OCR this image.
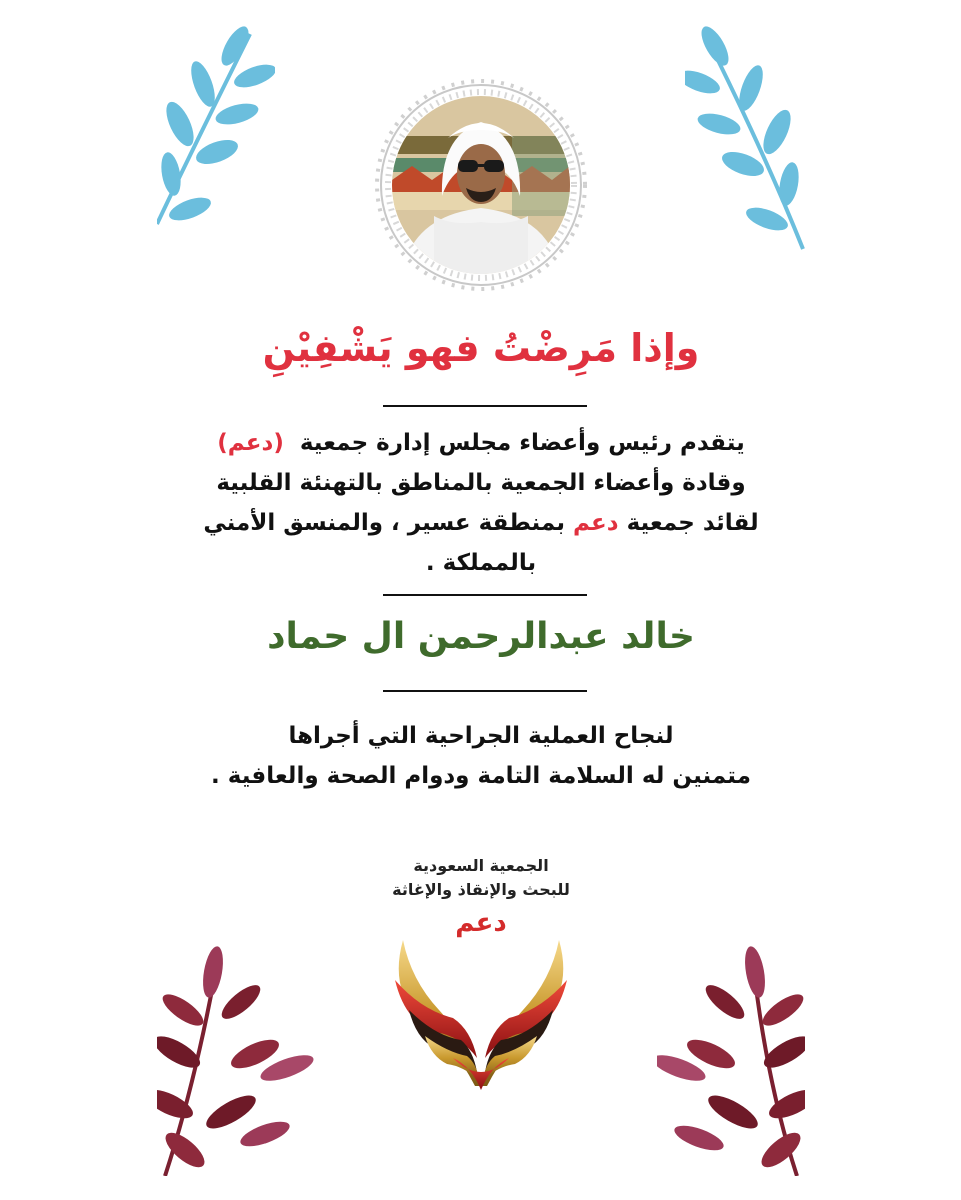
وإذا مَرِضْتُ فهو يَشْفِيْنِ
يتقدم رئيس وأعضاء مجلس إدارة جمعية  (دعم)
وقادة وأعضاء الجمعية بالمناطق بالتهنئة القلبية
لقائد جمعية دعم بمنطقة عسير ، والمنسق الأمني
بالمملكة .
خالد عبدالرحمن ال حماد
لنجاح العملية الجراحية التي أجراها
متمنين له السلامة التامة ودوام الصحة والعافية .
الجمعية السعودية
للبحث والإنقاذ والإغاثة
دعم
